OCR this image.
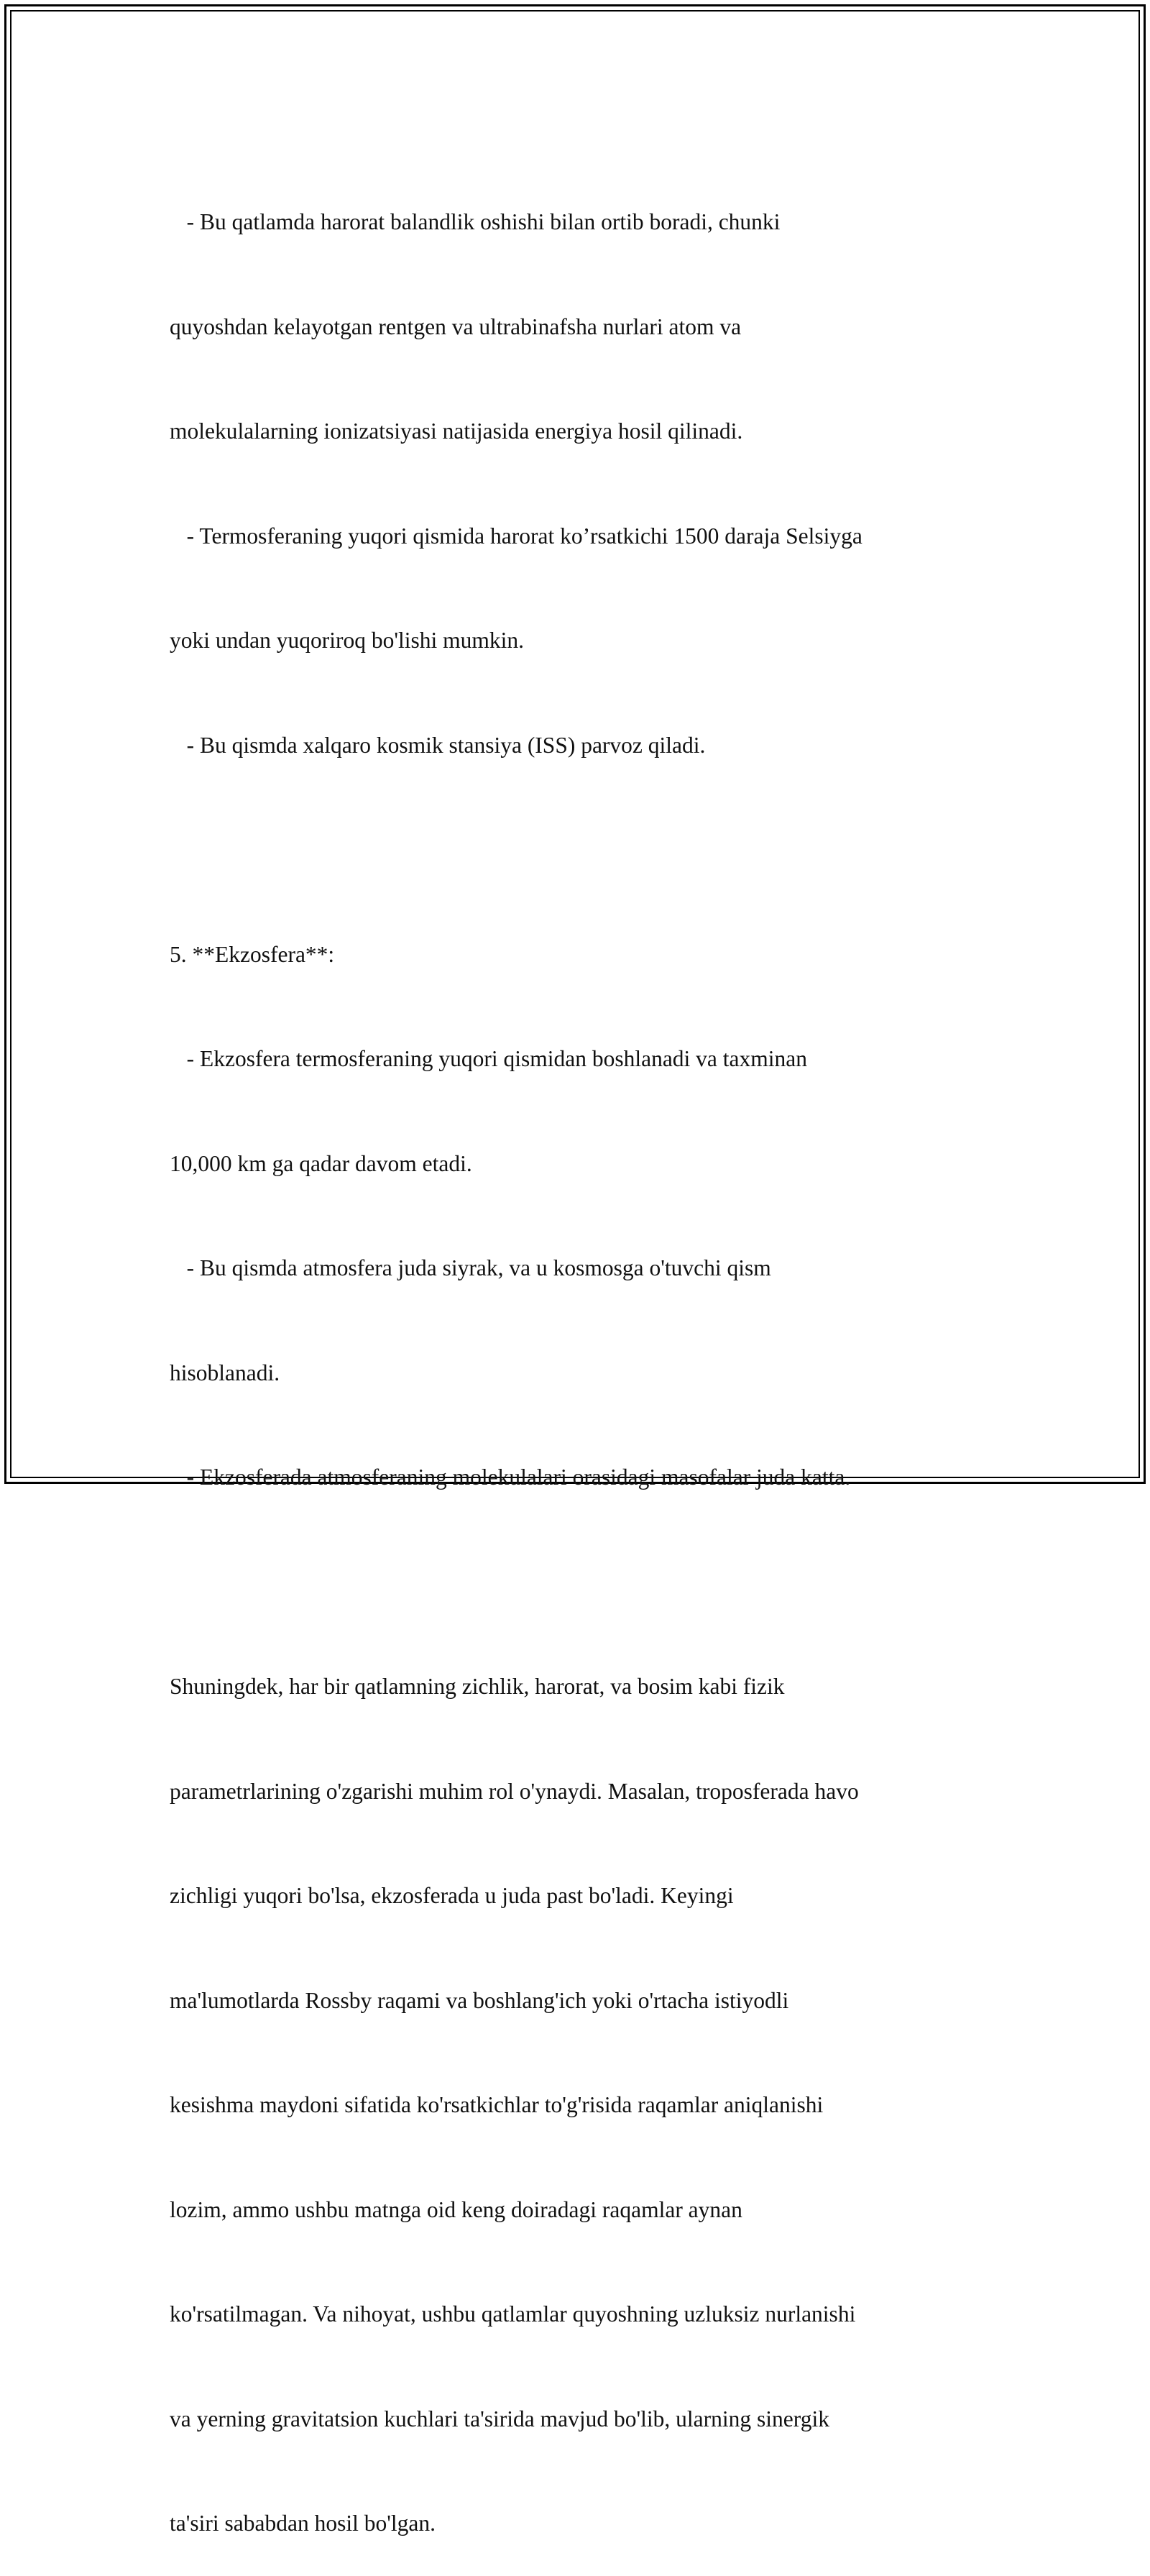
- Bu qatlamda harorat balandlik oshishi bilan ortib boradi, chunki

quyoshdan kelayotgan rentgen va ultrabinafsha nurlari atom va

molekulalarning ionizatsiyasi natijasida energiya hosil qilinadi.

- Termosferaning yuqori qismida harorat ko’rsatkichi 1500 daraja Selsiyga

yoki undan yuqoriroq bo'lishi mumkin.

- Bu qismda xalqaro kosmik stansiya (ISS) parvoz qiladi.

5. **Ekzosfera**:

- Ekzosfera termosferaning yuqori qismidan boshlanadi va taxminan

10,000 km ga qadar davom etadi.

- Bu qismda atmosfera juda siyrak, va u kosmosga o'tuvchi qism

hisoblanadi.

- Ekzosferada atmosferaning molekulalari orasidagi masofalar juda katta.

Shuningdek, har bir qatlamning zichlik, harorat, va bosim kabi fizik

parametrlarining o'zgarishi muhim rol o'ynaydi. Masalan, troposferada havo

zichligi yuqori bo'lsa, ekzosferada u juda past bo'ladi. Keyingi

ma'lumotlarda Rossby raqami va boshlang'ich yoki o'rtacha istiyodli

kesishma maydoni sifatida ko'rsatkichlar to'g'risida raqamlar aniqlanishi

lozim, ammo ushbu matnga oid keng doiradagi raqamlar aynan

ko'rsatilmagan. Va nihoyat, ushbu qatlamlar quyoshning uzluksiz nurlanishi

va yerning gravitatsion kuchlari ta'sirida mavjud bo'lib, ularning sinergik

ta'siri sababdan hosil bo'lgan.
